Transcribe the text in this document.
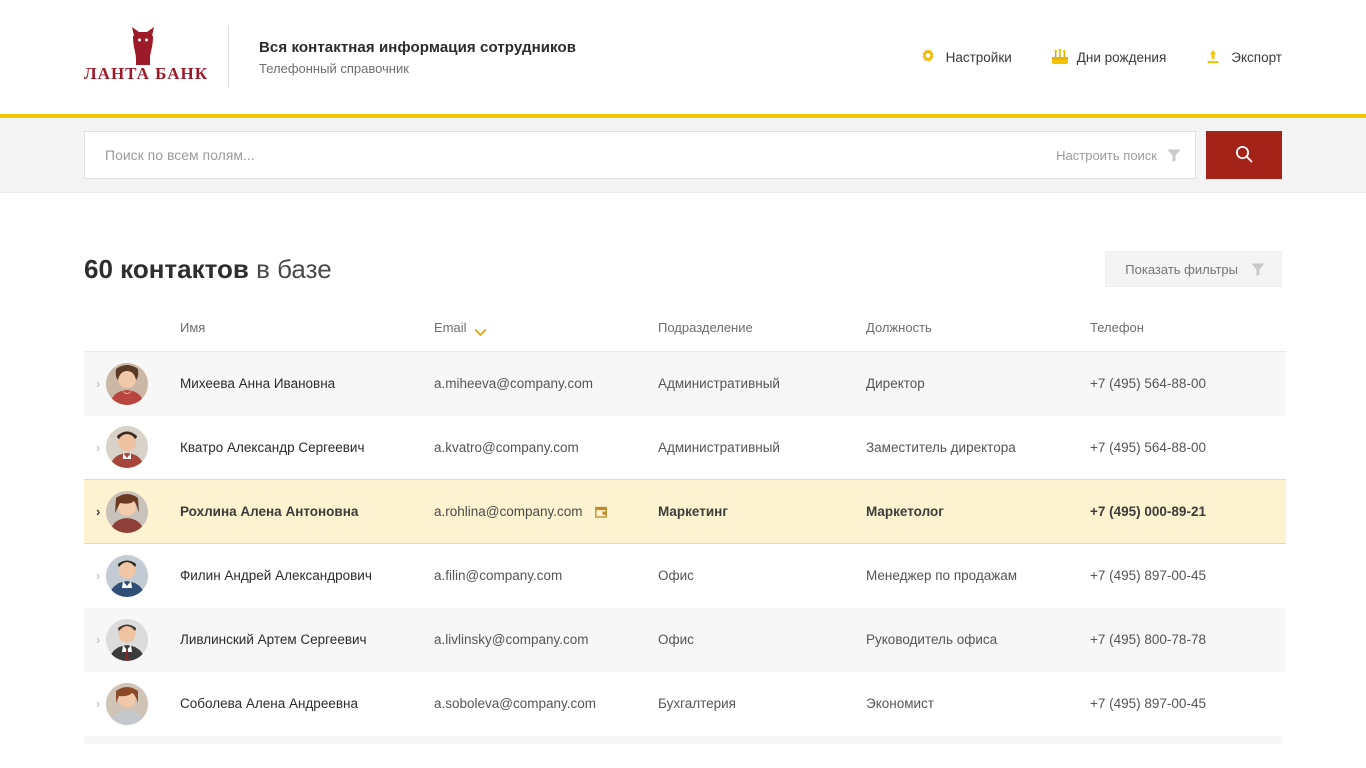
ЛАНТА БАНК
Вся контактная информация сотрудников
Телефонный справочник
Настройки	Дни рождения	Экспорт
Поиск по всем полям...
Настроить поиск
60 контактов в базе	Показать фильтры

		Имя	Email	Подразделение	Должность	Телефон

›		Михеева Анна Ивановна	a.miheeva@company.com	Административный	Директор	+7 (495) 564-88-00
›		Кватро Александр Сергеевич	a.kvatro@company.com	Административный	Заместитель директора	+7 (495) 564-88-00
›		Рохлина Алена Антоновна	a.rohlina@company.com	Маркетинг	Маркетолог	+7 (495) 000-89-21
›		Филин Андрей Александрович	a.filin@company.com	Офис	Менеджер по продажам	+7 (495) 897-00-45
›		Ливлинский Артем Сергеевич	a.livlinsky@company.com	Офис	Руководитель офиса	+7 (495) 800-78-78
›		Соболева Алена Андреевна	a.soboleva@company.com	Бухгалтерия	Экономист	+7 (495) 897-00-45
